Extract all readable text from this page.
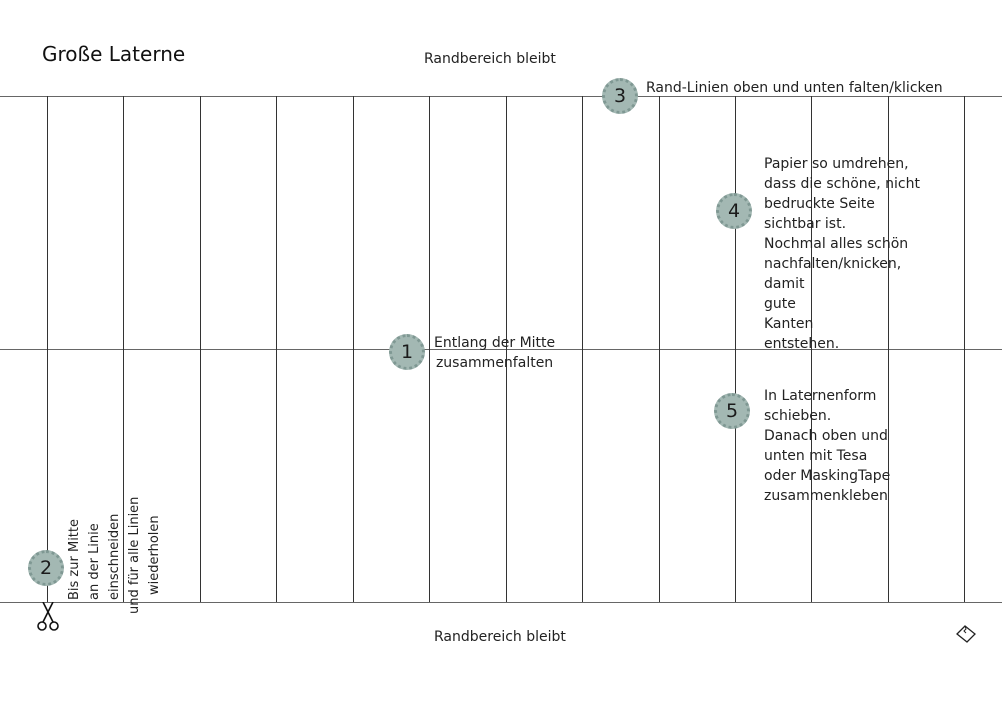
Große Laterne	Randbereich bleibt
Randbereich bleibt
3 Rand-Linien oben und unten falten/klicken
4
Papier so umdrehen,
dass die schöne, nicht
bedruckte Seite
sichtbar ist.
Nochmal alles schön
nachfalten/knicken,
damit
gute
Kanten
entstehen.
1 Entlang der Mitte
zusammenfalten
5
In Laternenform
schieben.
Danach oben und
unten mit Tesa
oder MaskingTape
zusammenkleben
2 Bis zur Mitte an der Linie einschneiden und für alle Linien wiederholen
